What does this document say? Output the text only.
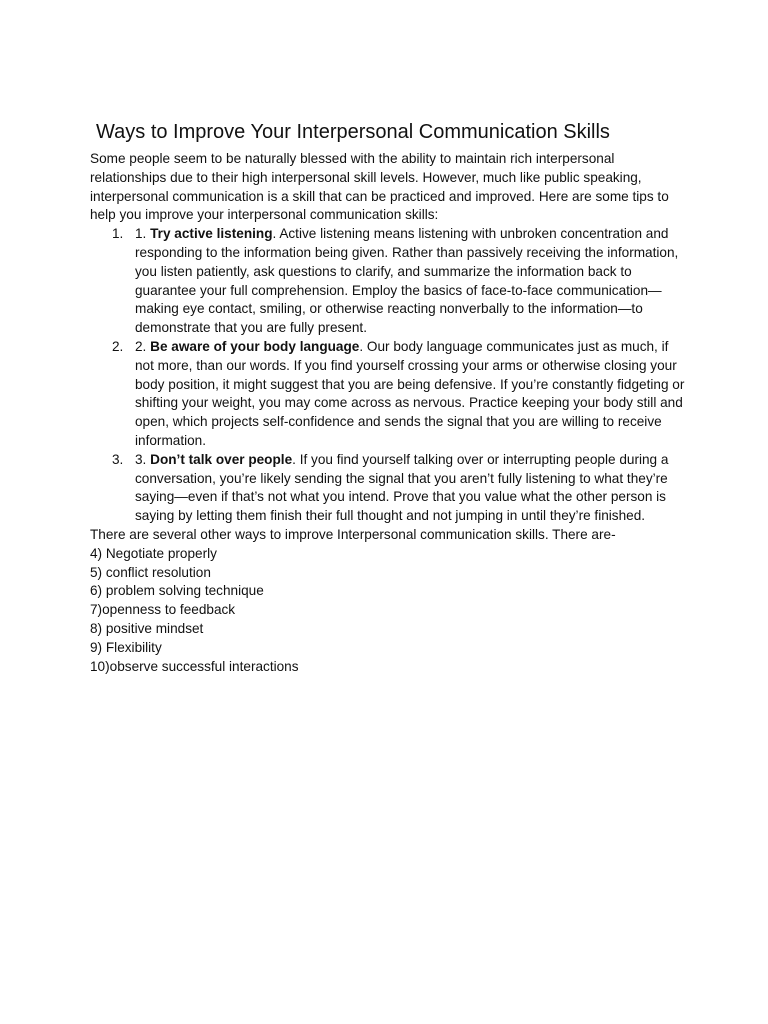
Ways to Improve Your Interpersonal Communication Skills

Some people seem to be naturally blessed with the ability to maintain rich interpersonal relationships due to their high interpersonal skill levels. However, much like public speaking, interpersonal communication is a skill that can be practiced and improved. Here are some tips to help you improve your interpersonal communication skills:

1. 1. Try active listening. Active listening means listening with unbroken concentration and responding to the information being given. Rather than passively receiving the information, you listen patiently, ask questions to clarify, and summarize the information back to guarantee your full comprehension. Employ the basics of face-to-face communication—making eye contact, smiling, or otherwise reacting nonverbally to the information—to demonstrate that you are fully present.
2. 2. Be aware of your body language. Our body language communicates just as much, if not more, than our words. If you find yourself crossing your arms or otherwise closing your body position, it might suggest that you are being defensive. If you’re constantly fidgeting or shifting your weight, you may come across as nervous. Practice keeping your body still and open, which projects self-confidence and sends the signal that you are willing to receive information.
3. 3. Don’t talk over people. If you find yourself talking over or interrupting people during a conversation, you’re likely sending the signal that you aren’t fully listening to what they’re saying—even if that’s not what you intend. Prove that you value what the other person is saying by letting them finish their full thought and not jumping in until they’re finished.

There are several other ways to improve Interpersonal communication skills. There are-

4) Negotiate properly
5) conflict resolution
6) problem solving technique
7)openness to feedback
8) positive mindset
9) Flexibility
10)observe successful interactions
